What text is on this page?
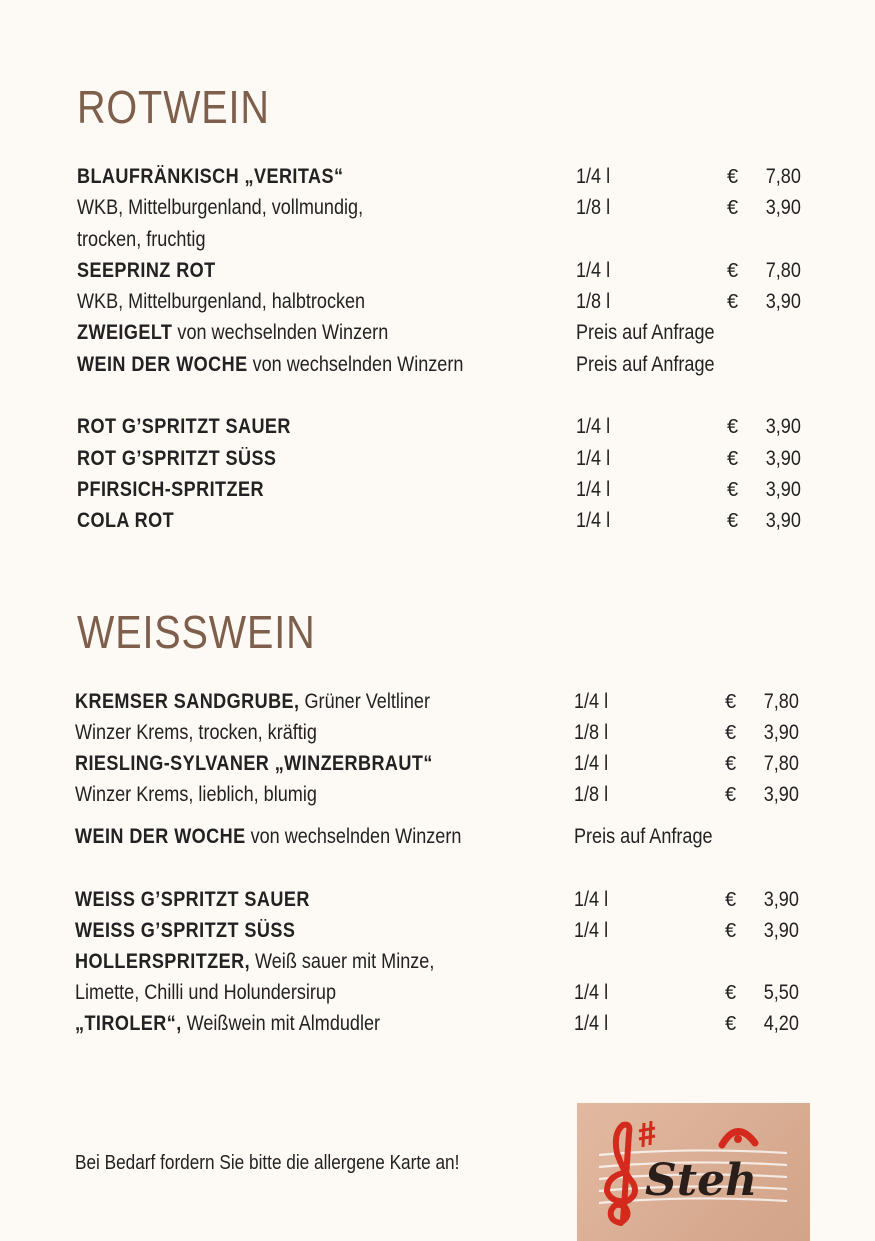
ROTWEIN
BLAUFRÄNKISCH „VERITAS“	1/4 l	€ 7,80
WKB, Mittelburgenland, vollmundig,	1/8 l	€ 3,90
trocken, fruchtig
SEEPRINZ ROT	1/4 l	€ 7,80
WKB, Mittelburgenland, halbtrocken	1/8 l	€ 3,90
ZWEIGELT von wechselnden Winzern	Preis auf Anfrage
WEIN DER WOCHE von wechselnden Winzern	Preis auf Anfrage
ROT G’SPRITZT SAUER	1/4 l	€ 3,90
ROT G’SPRITZT SÜSS	1/4 l	€ 3,90
PFIRSICH-SPRITZER	1/4 l	€ 3,90
COLA ROT	1/4 l	€ 3,90
WEISSWEIN
KREMSER SANDGRUBE, Grüner Veltliner	1/4 l	€ 7,80
Winzer Krems, trocken, kräftig	1/8 l	€ 3,90
RIESLING-SYLVANER „WINZERBRAUT“	1/4 l	€ 7,80
Winzer Krems, lieblich, blumig	1/8 l	€ 3,90
WEIN DER WOCHE von wechselnden Winzern	Preis auf Anfrage
WEISS G’SPRITZT SAUER	1/4 l	€ 3,90
WEISS G’SPRITZT SÜSS	1/4 l	€ 3,90
HOLLERSPRITZER, Weiß sauer mit Minze,
Limette, Chilli und Holundersirup	1/4 l	€ 5,50
„TIROLER“, Weißwein mit Almdudler	1/4 l	€ 4,20
Bei Bedarf fordern Sie bitte die allergene Karte an!	Steh
